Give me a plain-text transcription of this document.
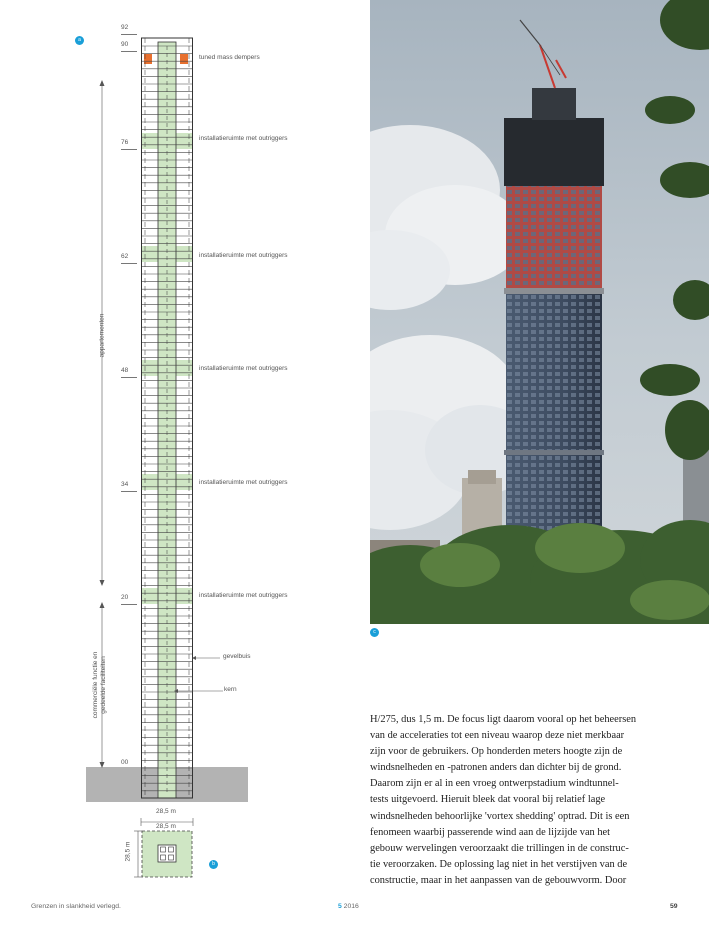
a
92
90
76
62
48
34
20
00
tuned mass dempers
installatieruimte met outriggers
installatieruimte met outriggers
installatieruimte met outriggers
installatieruimte met outriggers
installatieruimte met outriggers
gevelbuis
kern
appartementen
commerciële functie en gedeelde faciliteiten
28,5 m
28,5 m
28,5 m
b
c
H/275, dus 1,5 m. De focus ligt daarom vooral op het beheersen
van de acceleraties tot een niveau waarop deze niet merkbaar
zijn voor de gebruikers. Op honderden meters hoogte zijn de
windsnelheden en -patronen anders dan dichter bij de grond.
Daarom zijn er al in een vroeg ontwerpstadium windtunnel-
tests uitgevoerd. Hieruit bleek dat vooral bij relatief lage
windsnelheden behoorlijke 'vortex shedding' optrad. Dit is een
fenomeen waarbij passerende wind aan de lijzijde van het
gebouw wervelingen veroorzaakt die trillingen in de construc-
tie veroorzaken. De oplossing lag niet in het verstijven van de
constructie, maar in het aanpassen van de gebouwvorm. Door
Grenzen in slankheid verlegd.	5 2016	59
